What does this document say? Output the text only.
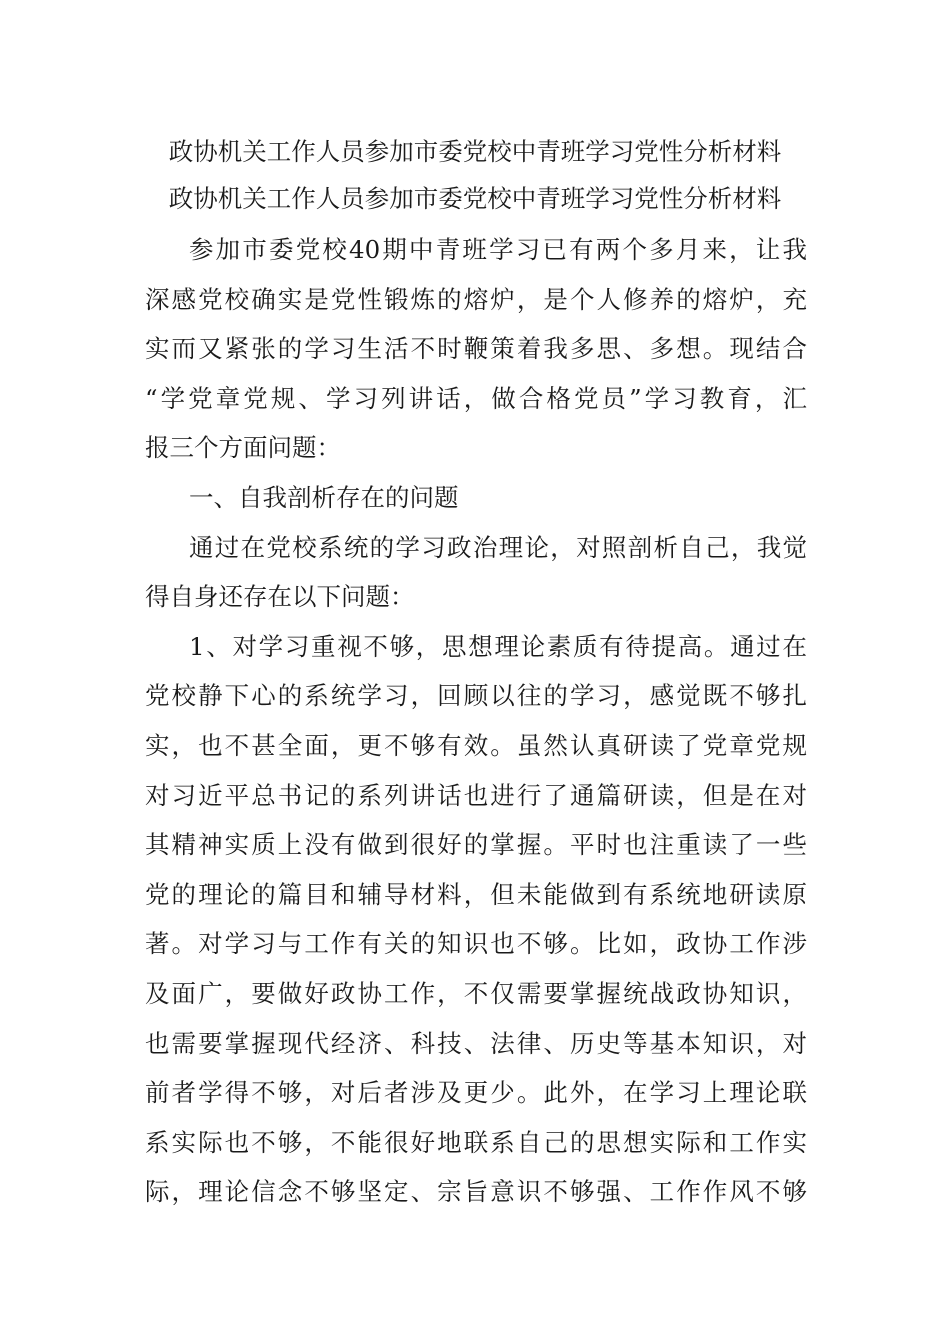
政协机关工作人员参加市委党校中青班学习党性分析材料
政协机关工作人员参加市委党校中青班学习党性分析材料
参加市委党校40期中青班学习已有两个多月来，让我
深感党校确实是党性锻炼的熔炉，是个人修养的熔炉，充
实而又紧张的学习生活不时鞭策着我多思、多想。现结合
“学党章党规、学习列讲话，做合格党员”学习教育，汇
报三个方面问题：
一、自我剖析存在的问题
通过在党校系统的学习政治理论，对照剖析自己，我觉
得自身还存在以下问题：
1、对学习重视不够，思想理论素质有待提高。通过在
党校静下心的系统学习，回顾以往的学习，感觉既不够扎
实，也不甚全面，更不够有效。虽然认真研读了党章党规
对习近平总书记的系列讲话也进行了通篇研读，但是在对
其精神实质上没有做到很好的掌握。平时也注重读了一些
党的理论的篇目和辅导材料，但未能做到有系统地研读原
著。对学习与工作有关的知识也不够。比如，政协工作涉
及面广，要做好政协工作，不仅需要掌握统战政协知识，
也需要掌握现代经济、科技、法律、历史等基本知识，对
前者学得不够，对后者涉及更少。此外，在学习上理论联
系实际也不够，不能很好地联系自己的思想实际和工作实
际，理论信念不够坚定、宗旨意识不够强、工作作风不够
